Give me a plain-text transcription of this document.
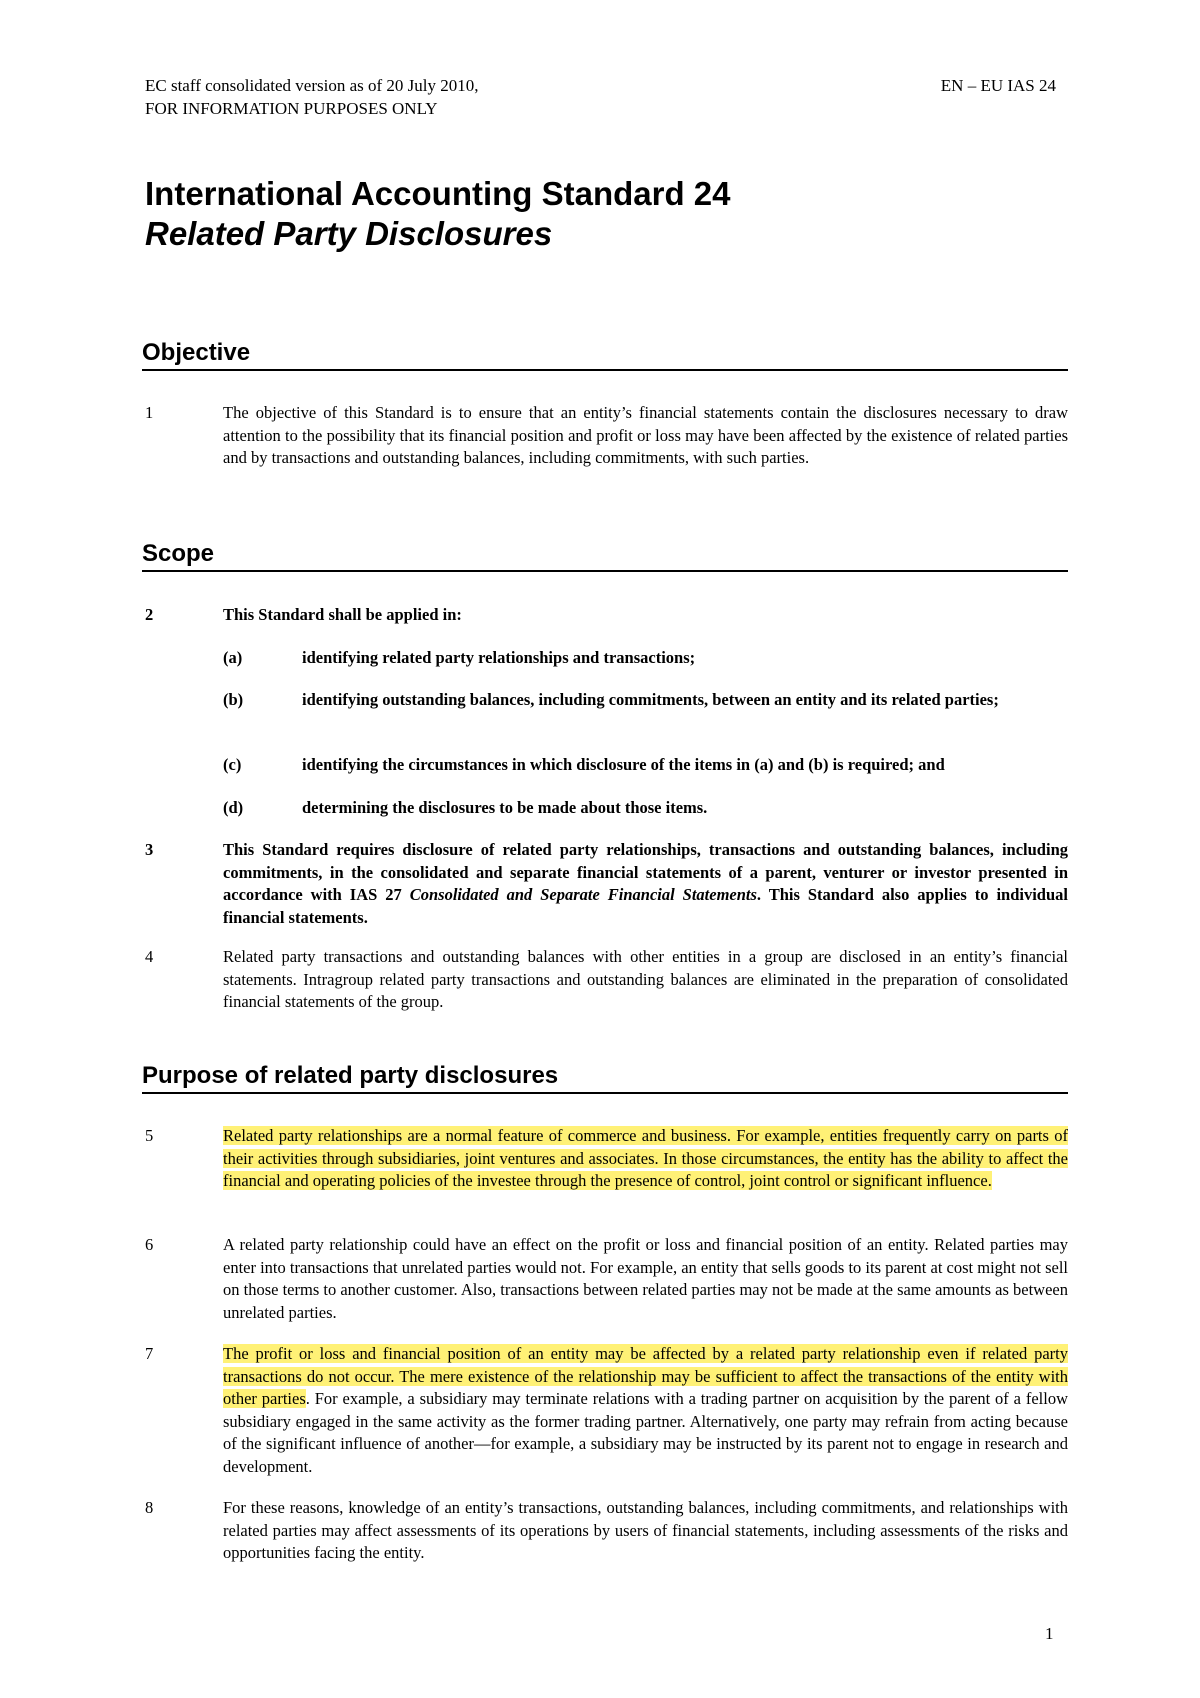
EC staff consolidated version as of 20 July 2010,
FOR INFORMATION PURPOSES ONLY
EN – EU IAS 24
International Accounting Standard 24
Related Party Disclosures
Objective
1	The objective of this Standard is to ensure that an entity’s financial statements contain the disclosures necessary to draw attention to the possibility that its financial position and profit or loss may have been affected by the existence of related parties and by transactions and outstanding balances, including commitments, with such parties.
Scope
2	This Standard shall be applied in:
(a)	identifying related party relationships and transactions;
(b)	identifying outstanding balances, including commitments, between an entity and its related parties;
(c)	identifying the circumstances in which disclosure of the items in (a) and (b) is required; and
(d)	determining the disclosures to be made about those items.
3	This Standard requires disclosure of related party relationships, transactions and outstanding balances, including commitments, in the consolidated and separate financial statements of a parent, venturer or investor presented in accordance with IAS 27 Consolidated and Separate Financial Statements. This Standard also applies to individual financial statements.
4	Related party transactions and outstanding balances with other entities in a group are disclosed in an entity’s financial statements. Intragroup related party transactions and outstanding balances are eliminated in the preparation of consolidated financial statements of the group.
Purpose of related party disclosures
5	Related party relationships are a normal feature of commerce and business. For example, entities frequently carry on parts of their activities through subsidiaries, joint ventures and associates. In those circumstances, the entity has the ability to affect the financial and operating policies of the investee through the presence of control, joint control or significant influence.
6	A related party relationship could have an effect on the profit or loss and financial position of an entity. Related parties may enter into transactions that unrelated parties would not. For example, an entity that sells goods to its parent at cost might not sell on those terms to another customer. Also, transactions between related parties may not be made at the same amounts as between unrelated parties.
7	The profit or loss and financial position of an entity may be affected by a related party relationship even if related party transactions do not occur. The mere existence of the relationship may be sufficient to affect the transactions of the entity with other parties. For example, a subsidiary may terminate relations with a trading partner on acquisition by the parent of a fellow subsidiary engaged in the same activity as the former trading partner. Alternatively, one party may refrain from acting because of the significant influence of another—for example, a subsidiary may be instructed by its parent not to engage in research and development.
8	For these reasons, knowledge of an entity’s transactions, outstanding balances, including commitments, and relationships with related parties may affect assessments of its operations by users of financial statements, including assessments of the risks and opportunities facing the entity.
1
